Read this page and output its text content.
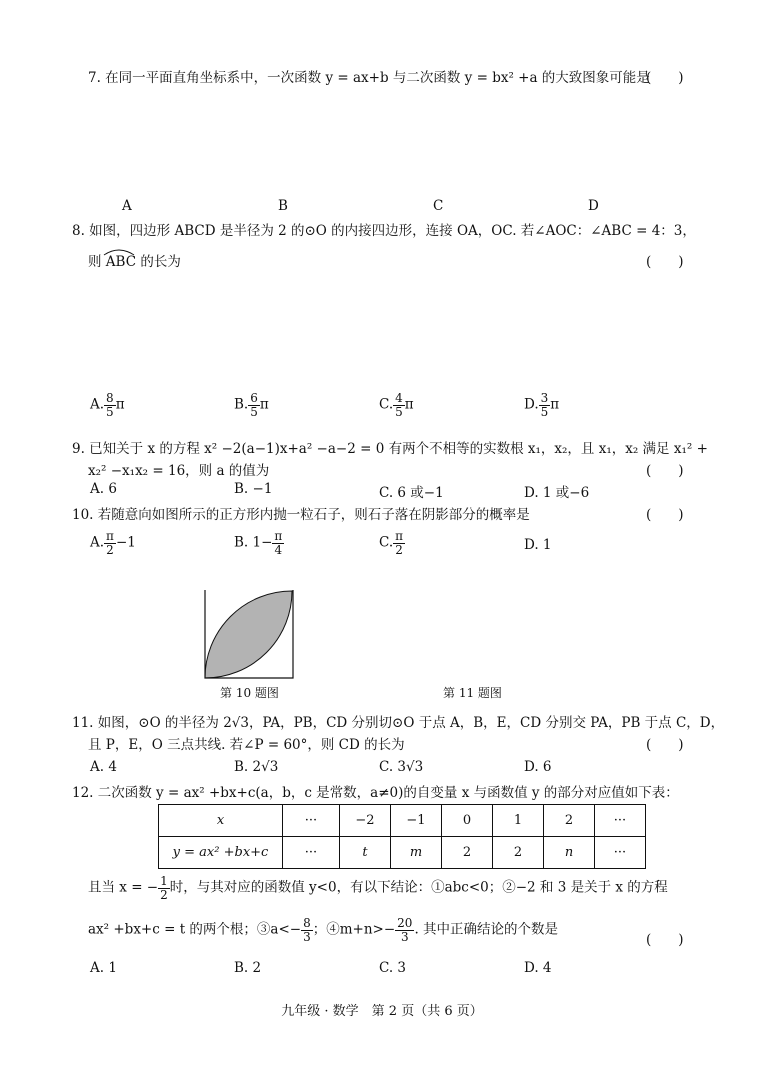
7. 在同一平面直角坐标系中，一次函数 y = ax+b 与二次函数 y = bx² +a 的大致图象可能是
(　　)
A	B	C	D
8. 如图，四边形 ABCD 是半径为 2 的⊙O 的内接四边形，连接 OA，OC. 若∠AOC：∠ABC = 4：3，
则 ABC 的长为	(　　)
A. $\frac{8}{5}$ π	B. $\frac{6}{5}$ π	C. $\frac{4}{5}$ π	D. $\frac{3}{5}$ π
9. 已知关于 x 的方程 x² −2(a−1)x+a² −a−2 = 0 有两个不相等的实数根 x₁，x₂，且 x₁，x₂ 满足 x₁² +
x₂² −x₁x₂ = 16，则 a 的值为	(　　)
A. 6	B. −1	C. 6 或−1	D. 1 或−6
10. 若随意向如图所示的正方形内抛一粒石子，则石子落在阴影部分的概率是	(　　)
A. $\frac{\pi}{2} -1$	B. $1- \frac{\pi}{4}$	C. $\frac{\pi}{2}$	D. 1
第 10 题图	第 11 题图
11. 如图，⊙O 的半径为 2√3，PA，PB，CD 分别切⊙O 于点 A，B，E，CD 分别交 PA，PB 于点 C，D，
且 P，E，O 三点共线. 若∠P = 60°，则 CD 的长为	(　　)
A. 4	B. 2√3	C. 3√3	D. 6
12. 二次函数 y = ax² +bx+c(a，b，c 是常数，a≠0)的自变量 x 与函数值 y 的部分对应值如下表：
x	···	−2	−1	0	1	2	···
y = ax² +bx+c	···	t	m	2	2	n	···
且当 x = − $\frac{1}{2}$ 时，与其对应的函数值 y<0，有以下结论：①abc<0；②−2 和 3 是关于 x 的方程
ax² +bx+c = t 的两个根；③a<− $\frac{8}{3}$ ；④m+n>− $\frac{20}{3}$ . 其中正确结论的个数是
(　　)
A. 1	B. 2	C. 3	D. 4
九年级 · 数学　第 2 页（共 6 页）
